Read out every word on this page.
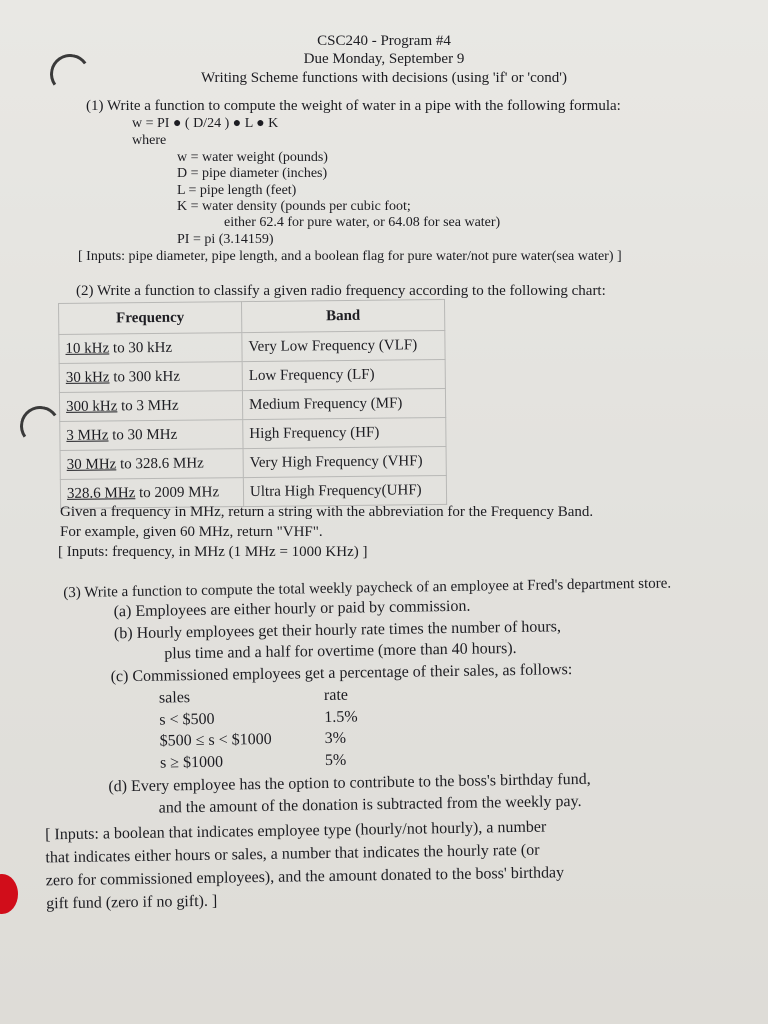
CSC240 - Program #4
Due Monday, September 9
Writing Scheme functions with decisions (using 'if' or 'cond')
(1) Write a function to compute the weight of water in a pipe with the following formula:
w = PI ● ( D/24 ) ● L ● K
where
w = water weight (pounds)
D = pipe diameter (inches)
L = pipe length (feet)
K = water density (pounds per cubic foot;
either 62.4 for pure water, or 64.08 for sea water)
PI = pi (3.14159)
[ Inputs: pipe diameter, pipe length, and a boolean flag for pure water/not pure water(sea water) ]
(2) Write a function to classify a given radio frequency according to the following chart:
Frequency	Band
10 kHz to 30 kHz	Very Low Frequency (VLF)
30 kHz to 300 kHz	Low Frequency (LF)
300 kHz to 3 MHz	Medium Frequency (MF)
3 MHz to 30 MHz	High Frequency (HF)
30 MHz to 328.6 MHz	Very High Frequency (VHF)
328.6 MHz to 2009 MHz	Ultra High Frequency(UHF)
Given a frequency in MHz, return a string with the abbreviation for the Frequency Band.
For example, given 60 MHz, return "VHF".
[ Inputs: frequency, in MHz (1 MHz = 1000 KHz) ]
(3) Write a function to compute the total weekly paycheck of an employee at Fred's department store.
(a) Employees are either hourly or paid by commission.
(b) Hourly employees get their hourly rate times the number of hours,
plus time and a half for overtime (more than 40 hours).
(c) Commissioned employees get a percentage of their sales, as follows:
sales	rate
s < $500	1.5%
$500 ≤ s < $1000	3%
s ≥ $1000	5%
(d) Every employee has the option to contribute to the boss's birthday fund,
and the amount of the donation is subtracted from the weekly pay.
[ Inputs: a boolean that indicates employee type (hourly/not hourly), a number
that indicates either hours or sales, a number that indicates the hourly rate (or
zero for commissioned employees), and the amount donated to the boss' birthday
gift fund (zero if no gift). ]
